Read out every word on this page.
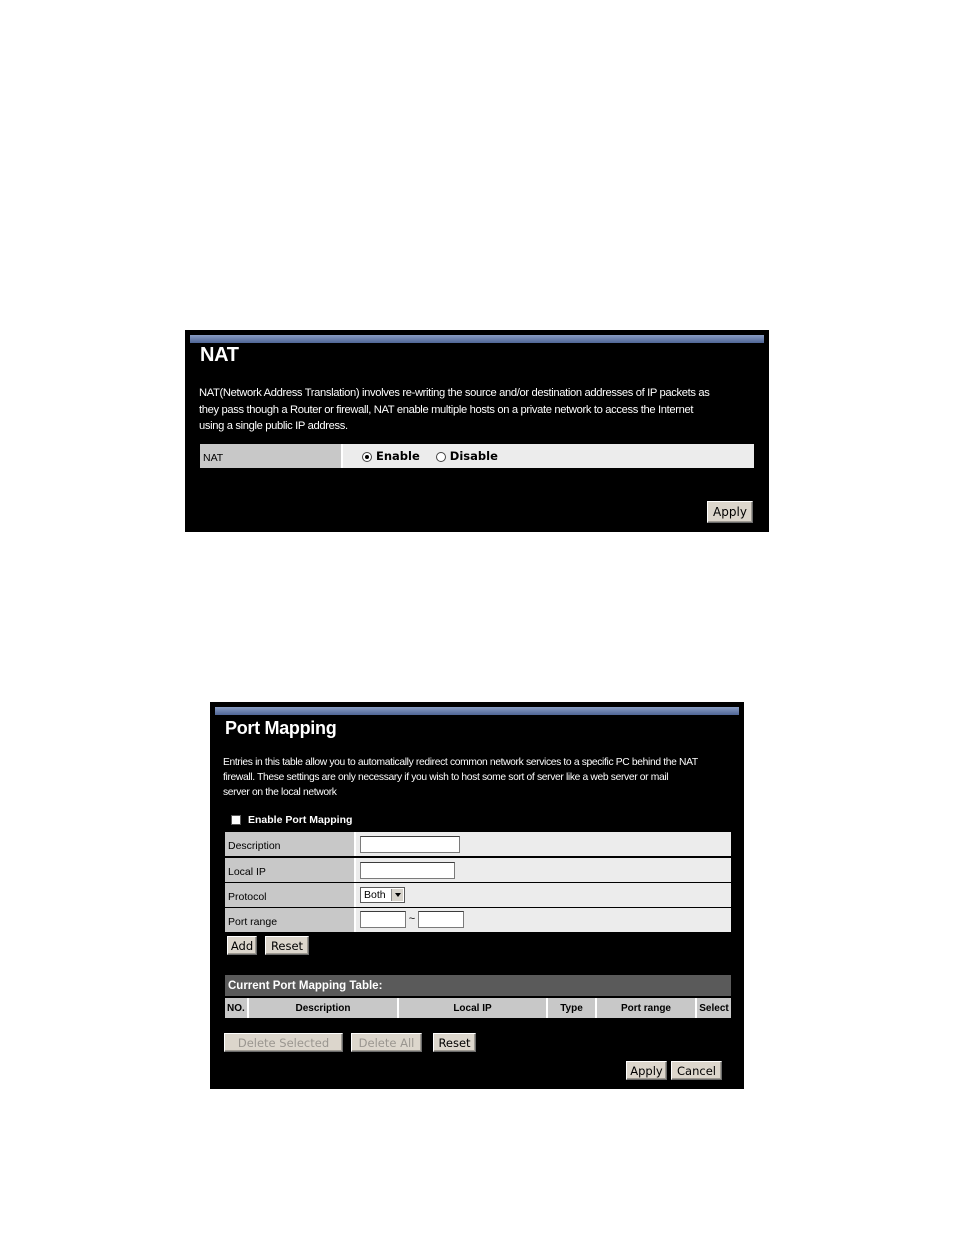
NAT
NAT(Network Address Translation) involves re-writing the source and/or destination addresses of IP packets as
they pass though a Router or firewall, NAT enable multiple hosts on a private network to access the Internet
using a single public IP address.
NAT	Enable	Disable
Apply
Port Mapping
Entries in this table allow you to automatically redirect common network services to a specific PC behind the NAT
firewall. These settings are only necessary if you wish to host some sort of server like a web server or mail
server on the local network
Enable Port Mapping
Description
Local IP
Protocol	Both
Port range	~
Add	Reset
Current Port Mapping Table:
NO.	Description	Local IP	Type	Port range	Select
Delete Selected	Delete All	Reset
Apply	Cancel
